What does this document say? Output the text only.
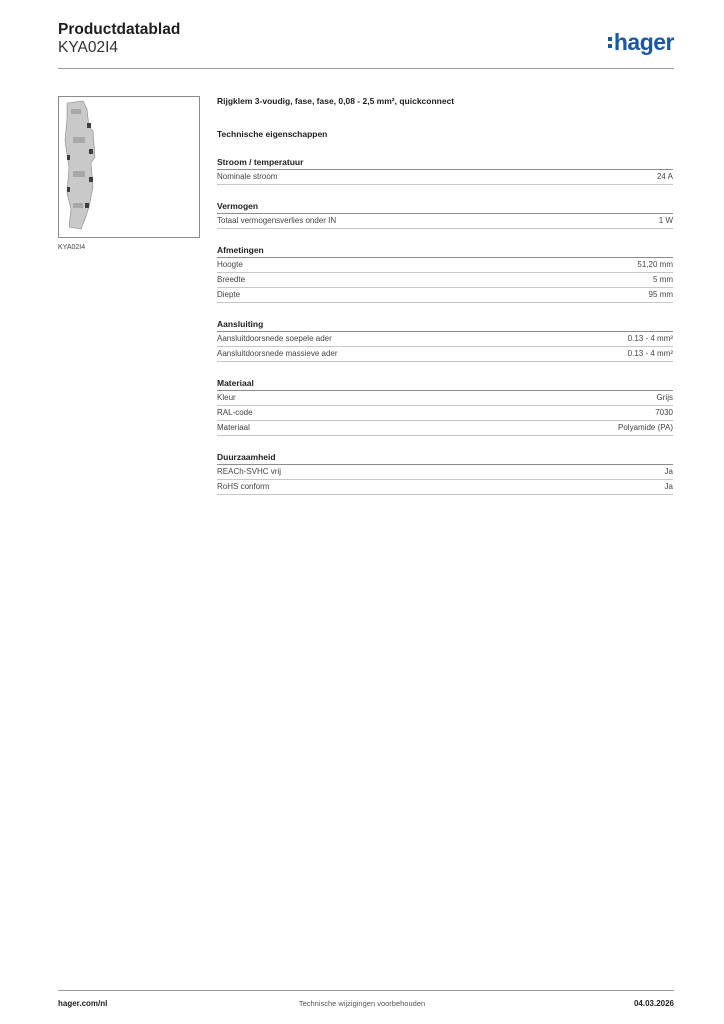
Productdatablad
KYA02I4	hager
KYA02I4
Rijgklem 3-voudig, fase, fase, 0,08 - 2,5 mm², quickconnect
Technische eigenschappen
Stroom / temperatuur
Nominale stroom	24 A
Vermogen
Totaal vermogensverlies onder IN	1 W
Afmetingen
Hoogte	51,20 mm
Breedte	5 mm
Diepte	95 mm
Aansluiting
Aansluitdoorsnede soepele ader	0.13 - 4 mm²
Aansluitdoorsnede massieve ader	0.13 - 4 mm²
Materiaal
Kleur	Grijs
RAL-code	7030
Materiaal	Polyamide (PA)
Duurzaamheid
REACh-SVHC vrij	Ja
RoHS conform	Ja
hager.com/nl	Technische wijzigingen voorbehouden	04.03.2026
